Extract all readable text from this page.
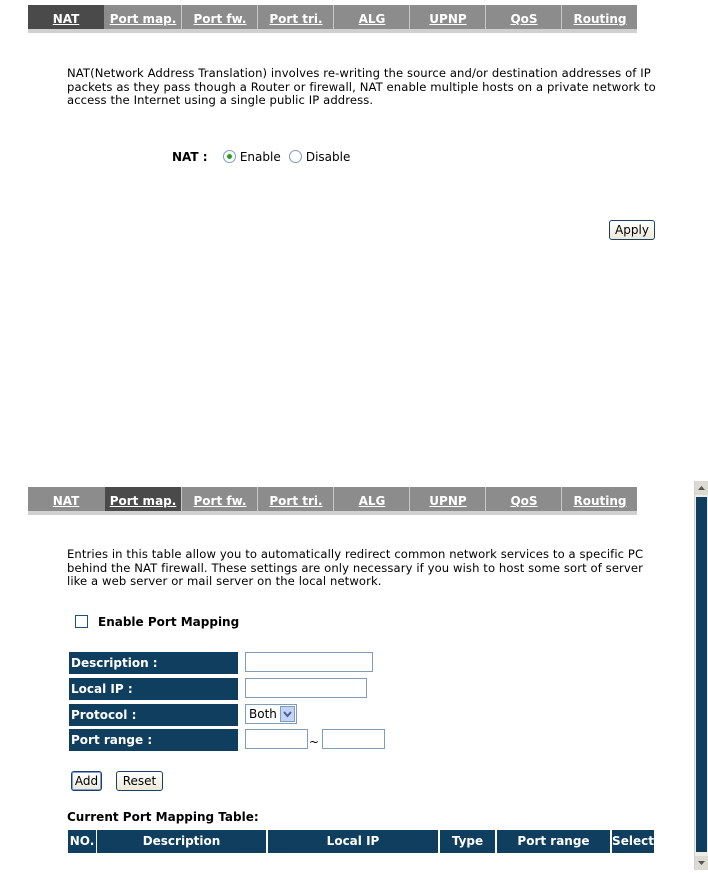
NAT	Port map.	Port fw.	Port tri.	ALG	UPNP	QoS	Routing
NAT(Network Address Translation) involves re-writing the source and/or destination addresses of IP packets as they pass though a Router or firewall, NAT enable multiple hosts on a private network to access the Internet using a single public IP address.
NAT :	Enable	Disable
Apply
NAT	Port map.	Port fw.	Port tri.	ALG	UPNP	QoS	Routing
Entries in this table allow you to automatically redirect common network services to a specific PC behind the NAT firewall. These settings are only necessary if you wish to host some sort of server like a web server or mail server on the local network.
Enable Port Mapping
Description :
Local IP :
Protocol :	Both
Port range :	~
Add	Reset
Current Port Mapping Table:
NO.	Description	Local IP	Type	Port range	Select
